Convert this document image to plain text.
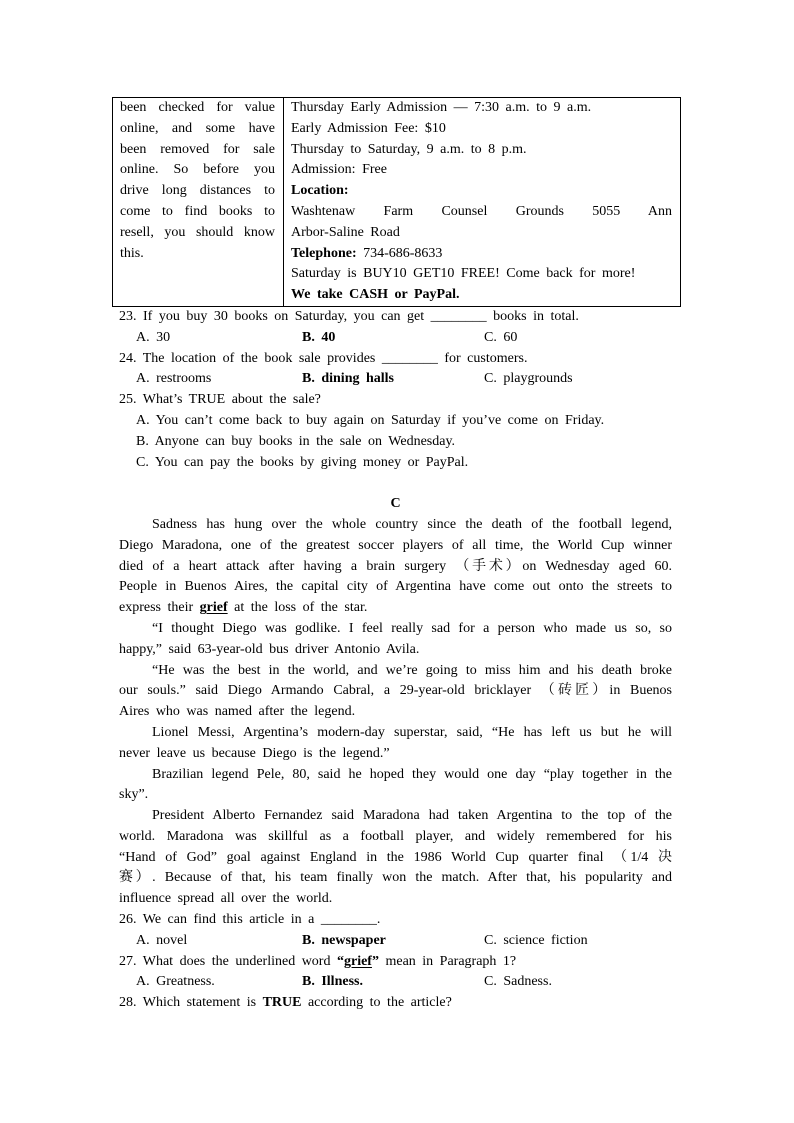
been checked for value
online, and some have
been removed for sale
online. So before you
drive long distances to
come to find books to
resell, you should know
this.
Thursday Early Admission — 7:30 a.m. to 9 a.m.
Early Admission Fee: $10
Thursday to Saturday, 9 a.m. to 8 p.m.
Admission: Free
Location:
Washtenaw Farm Counsel Grounds 5055 Ann
Arbor-Saline Road
Telephone: 734-686-8633
Saturday is BUY10 GET10 FREE! Come back for more!
We take CASH or PayPal.
23. If you buy 30 books on Saturday, you can get ________ books in total.
A. 30	B. 40	C. 60
24. The location of the book sale provides ________ for customers.
A. restrooms	B. dining halls	C. playgrounds
25. What’s TRUE about the sale?
A. You can’t come back to buy again on Saturday if you’ve come on Friday.
B. Anyone can buy books in the sale on Wednesday.
C. You can pay the books by giving money or PayPal.
C
Sadness has hung over the whole country since the death of the football legend,
Diego Maradona, one of the greatest soccer players of all time, the World Cup winner
died of a heart attack after having a brain surgery （手术）on Wednesday aged 60.
People in Buenos Aires, the capital city of Argentina have come out onto the streets to
express their grief at the loss of the star.
“I thought Diego was godlike. I feel really sad for a person who made us so, so
happy,” said 63-year-old bus driver Antonio Avila.
“He was the best in the world, and we’re going to miss him and his death broke
our souls.” said Diego Armando Cabral, a 29-year-old bricklayer （砖匠）in Buenos
Aires who was named after the legend.
Lionel Messi, Argentina’s modern-day superstar, said, “He has left us but he will
never leave us because Diego is the legend.”
Brazilian legend Pele, 80, said he hoped they would one day “play together in the
sky”.
President Alberto Fernandez said Maradona had taken Argentina to the top of the
world. Maradona was skillful as a football player, and widely remembered for his
“Hand of God” goal against England in the 1986 World Cup quarter final （1/4 决
赛）. Because of that, his team finally won the match. After that, his popularity and
influence spread all over the world.
26. We can find this article in a ________.
A. novel	B. newspaper	C. science fiction
27. What does the underlined word “grief” mean in Paragraph 1?
A. Greatness.	B. Illness.	C. Sadness.
28. Which statement is TRUE according to the article?
